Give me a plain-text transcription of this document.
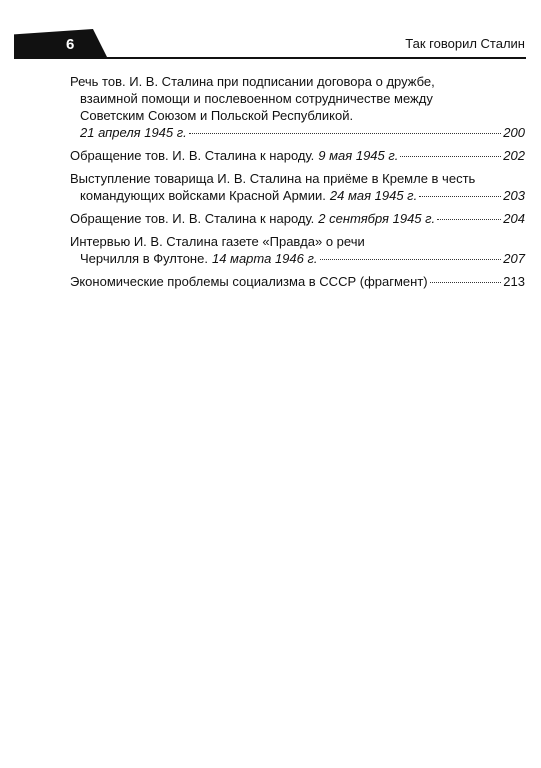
6	Так говорил Сталин
Речь тов. И. В. Сталина при подписании договора о дружбе,
взаимной помощи и послевоенном сотрудничестве между
Советским Союзом и Польской Республикой.
21 апреля 1945 г.	200
Обращение тов. И. В. Сталина к народу. 9 мая 1945 г.	202
Выступление товарища И. В. Сталина на приёме в Кремле в честь
командующих войсками Красной Армии. 24 мая 1945 г.	203
Обращение тов. И. В. Сталина к народу. 2 сентября 1945 г.	204
Интервью И. В. Сталина газете «Правда» о речи
Черчилля в Фултоне. 14 марта 1946 г.	207
Экономические проблемы социализма в СССР (фрагмент)	213
